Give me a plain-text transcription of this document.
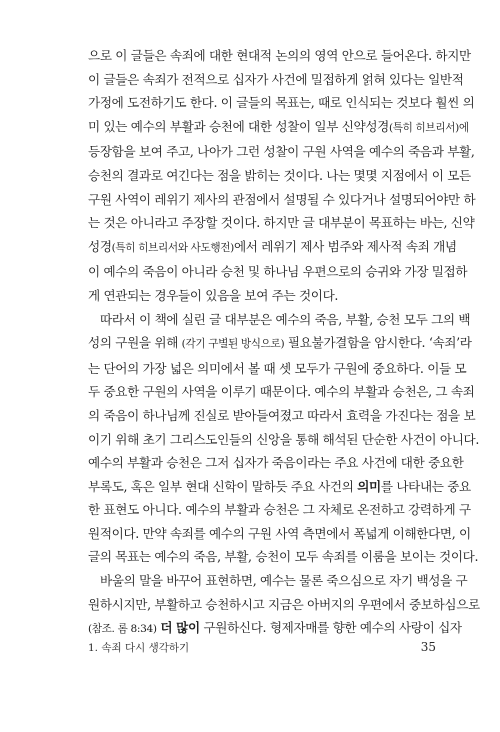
으로 이 글들은 속죄에 대한 현대적 논의의 영역 안으로 들어온다. 하지만
이 글들은 속죄가 전적으로 십자가 사건에 밀접하게 얽혀 있다는 일반적
가정에 도전하기도 한다. 이 글들의 목표는, 때로 인식되는 것보다 훨씬 의
미 있는 예수의 부활과 승천에 대한 성찰이 일부 신약성경(특히 히브리서)에
등장함을 보여 주고, 나아가 그런 성찰이 구원 사역을 예수의 죽음과 부활,
승천의 결과로 여긴다는 점을 밝히는 것이다. 나는 몇몇 지점에서 이 모든
구원 사역이 레위기 제사의 관점에서 설명될 수 있다거나 설명되어야만 하
는 것은 아니라고 주장할 것이다. 하지만 글 대부분이 목표하는 바는, 신약
성경(특히 히브리서와 사도행전)에서 레위기 제사 범주와 제사적 속죄 개념
이 예수의 죽음이 아니라 승천 및 하나님 우편으로의 승귀와 가장 밀접하
게 연관되는 경우들이 있음을 보여 주는 것이다.
따라서 이 책에 실린 글 대부분은 예수의 죽음, 부활, 승천 모두 그의 백
성의 구원을 위해 (각기 구별된 방식으로) 필요불가결함을 암시한다. ‘속죄’라
는 단어의 가장 넓은 의미에서 볼 때 셋 모두가 구원에 중요하다. 이들 모
두 중요한 구원의 사역을 이루기 때문이다. 예수의 부활과 승천은, 그 속죄
의 죽음이 하나님께 진실로 받아들여졌고 따라서 효력을 가진다는 점을 보
이기 위해 초기 그리스도인들의 신앙을 통해 해석된 단순한 사건이 아니다.
예수의 부활과 승천은 그저 십자가 죽음이라는 주요 사건에 대한 중요한
부록도, 혹은 일부 현대 신학이 말하듯 주요 사건의 의미를 나타내는 중요
한 표현도 아니다. 예수의 부활과 승천은 그 자체로 온전하고 강력하게 구
원적이다. 만약 속죄를 예수의 구원 사역 측면에서 폭넓게 이해한다면, 이
글의 목표는 예수의 죽음, 부활, 승천이 모두 속죄를 이룸을 보이는 것이다.
바울의 말을 바꾸어 표현하면, 예수는 물론 죽으심으로 자기 백성을 구
원하시지만, 부활하고 승천하시고 지금은 아버지의 우편에서 중보하심으로
(참조. 롬 8:34) 더 많이 구원하신다. 형제자매를 향한 예수의 사랑이 십자
1. 속죄 다시 생각하기	35
